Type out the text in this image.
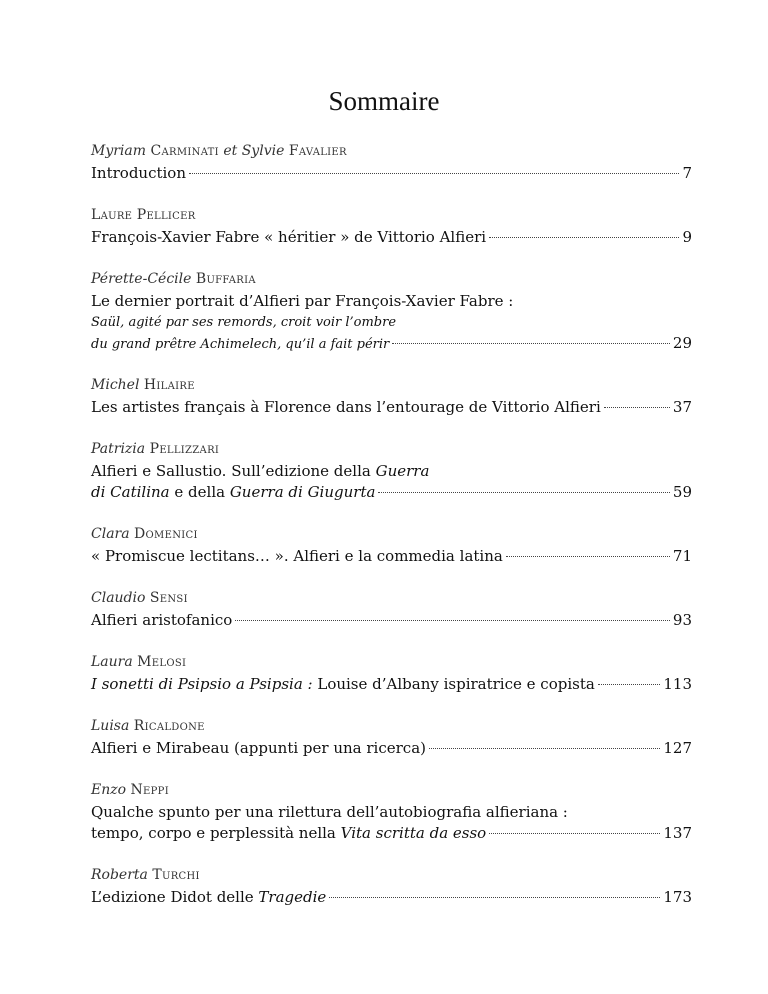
Sommaire
Myriam Carminati et Sylvie Favalier
Introduction	7
Laure Pellicer
François-Xavier Fabre « héritier » de Vittorio Alfieri	9
Pérette-Cécile Buffaria
Le dernier portrait d’Alfieri par François-Xavier Fabre :
Saül, agité par ses remords, croit voir l’ombre
du grand prêtre Achimelech, qu’il a fait périr	29
Michel Hilaire
Les artistes français à Florence dans l’entourage de Vittorio Alfieri	37
Patrizia Pellizzari
Alfieri e Sallustio. Sull’edizione della Guerra
di Catilina e della Guerra di Giugurta	59
Clara Domenici
« Promiscue lectitans… ». Alfieri e la commedia latina	71
Claudio Sensi
Alfieri aristofanico	93
Laura Melosi
I sonetti di Psipsio a Psipsia : Louise d’Albany ispiratrice e copista	113
Luisa Ricaldone
Alfieri e Mirabeau (appunti per una ricerca)	127
Enzo Neppi
Qualche spunto per una rilettura dell’autobiografia alfieriana :
tempo, corpo e perplessità nella Vita scritta da esso	137
Roberta Turchi
L’edizione Didot delle Tragedie	173
